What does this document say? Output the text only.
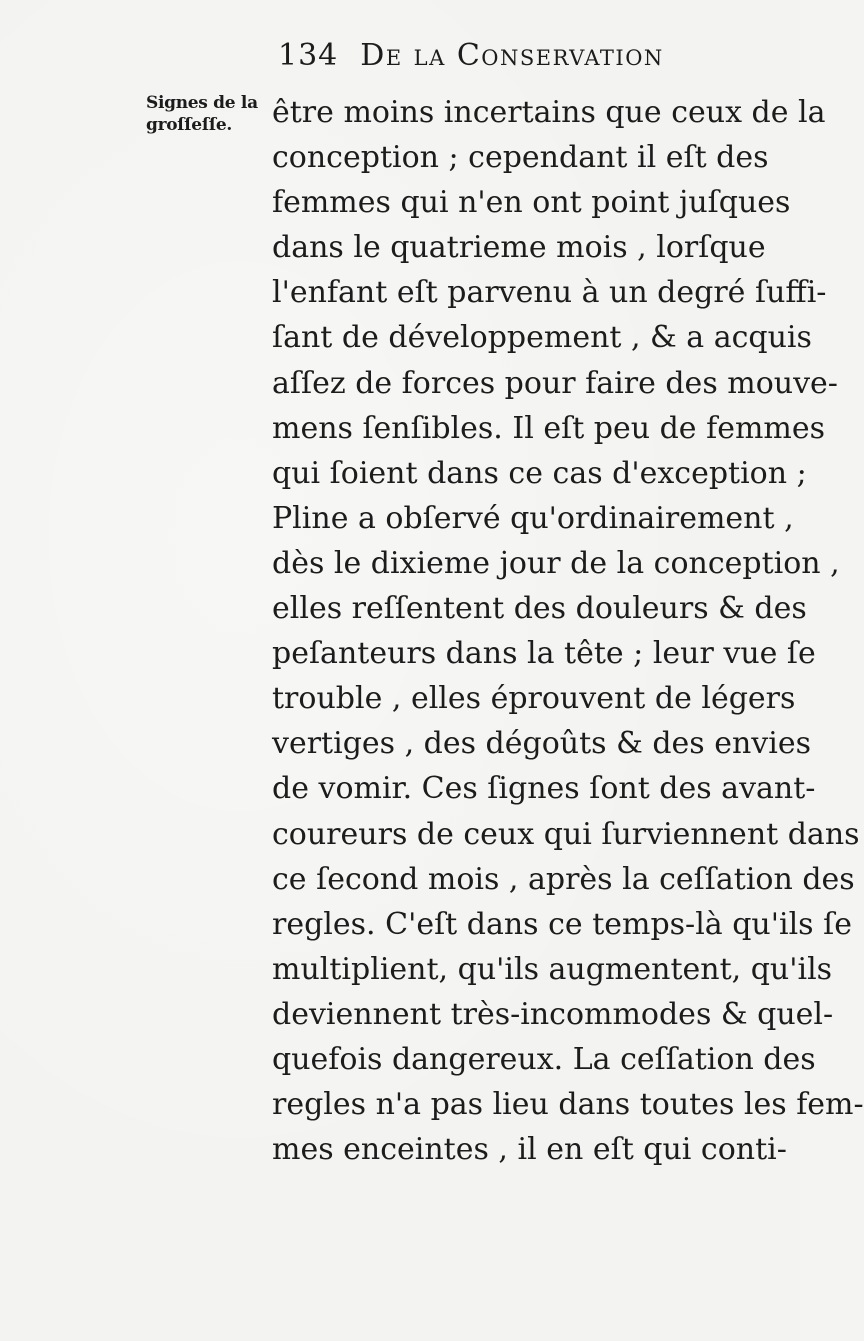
134 De la Conservation
Signes de la
groſſeſſe.	être moins incertains que ceux de la
conception ; cependant il eſt des
femmes qui n'en ont point juſques
dans le quatrieme mois , lorſque
l'enfant eſt parvenu à un degré ſuffi-
ſant de développement , & a acquis
aſſez de forces pour faire des mouve-
mens ſenſibles. Il eſt peu de femmes
qui ſoient dans ce cas d'exception ;
Pline a obſervé qu'ordinairement ,
dès le dixieme jour de la conception ,
elles reſſentent des douleurs & des
peſanteurs dans la tête ; leur vue ſe
trouble , elles éprouvent de légers
vertiges , des dégoûts & des envies
de vomir. Ces ſignes ſont des avant-
coureurs de ceux qui ſurviennent dans
ce ſecond mois , après la ceſſation des
regles. C'eſt dans ce temps-là qu'ils ſe
multiplient, qu'ils augmentent, qu'ils
deviennent très-incommodes & quel-
quefois dangereux. La ceſſation des
regles n'a pas lieu dans toutes les fem-
mes enceintes , il en eſt qui conti-
